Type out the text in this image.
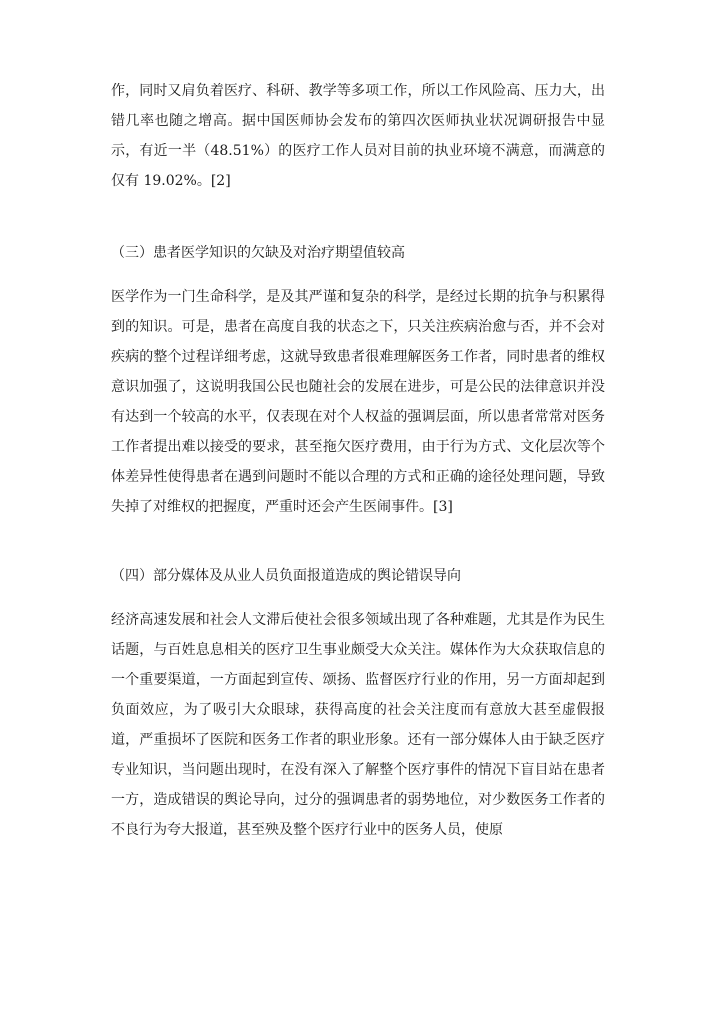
作，同时又肩负着医疗、科研、教学等多项工作，所以工作风险高、压力大，出错几率也随之增高。据中国医师协会发布的第四次医师执业状况调研报告中显示，有近一半（48.51%）的医疗工作人员对目前的执业环境不满意，而满意的仅有 19.02%。[2]

（三）患者医学知识的欠缺及对治疗期望值较高

医学作为一门生命科学，是及其严谨和复杂的科学，是经过长期的抗争与积累得到的知识。可是，患者在高度自我的状态之下，只关注疾病治愈与否，并不会对疾病的整个过程详细考虑，这就导致患者很难理解医务工作者，同时患者的维权意识加强了，这说明我国公民也随社会的发展在进步，可是公民的法律意识并没有达到一个较高的水平，仅表现在对个人权益的强调层面，所以患者常常对医务工作者提出难以接受的要求，甚至拖欠医疗费用，由于行为方式、文化层次等个体差异性使得患者在遇到问题时不能以合理的方式和正确的途径处理问题，导致失掉了对维权的把握度，严重时还会产生医闹事件。[3]

（四）部分媒体及从业人员负面报道造成的舆论错误导向

经济高速发展和社会人文滞后使社会很多领域出现了各种难题，尤其是作为民生话题，与百姓息息相关的医疗卫生事业颇受大众关注。媒体作为大众获取信息的一个重要渠道，一方面起到宣传、颂扬、监督医疗行业的作用，另一方面却起到负面效应，为了吸引大众眼球，获得高度的社会关注度而有意放大甚至虚假报道，严重损坏了医院和医务工作者的职业形象。还有一部分媒体人由于缺乏医疗专业知识，当问题出现时，在没有深入了解整个医疗事件的情况下盲目站在患者一方，造成错误的舆论导向，过分的强调患者的弱势地位，对少数医务工作者的不良行为夸大报道，甚至殃及整个医疗行业中的医务人员，使原
